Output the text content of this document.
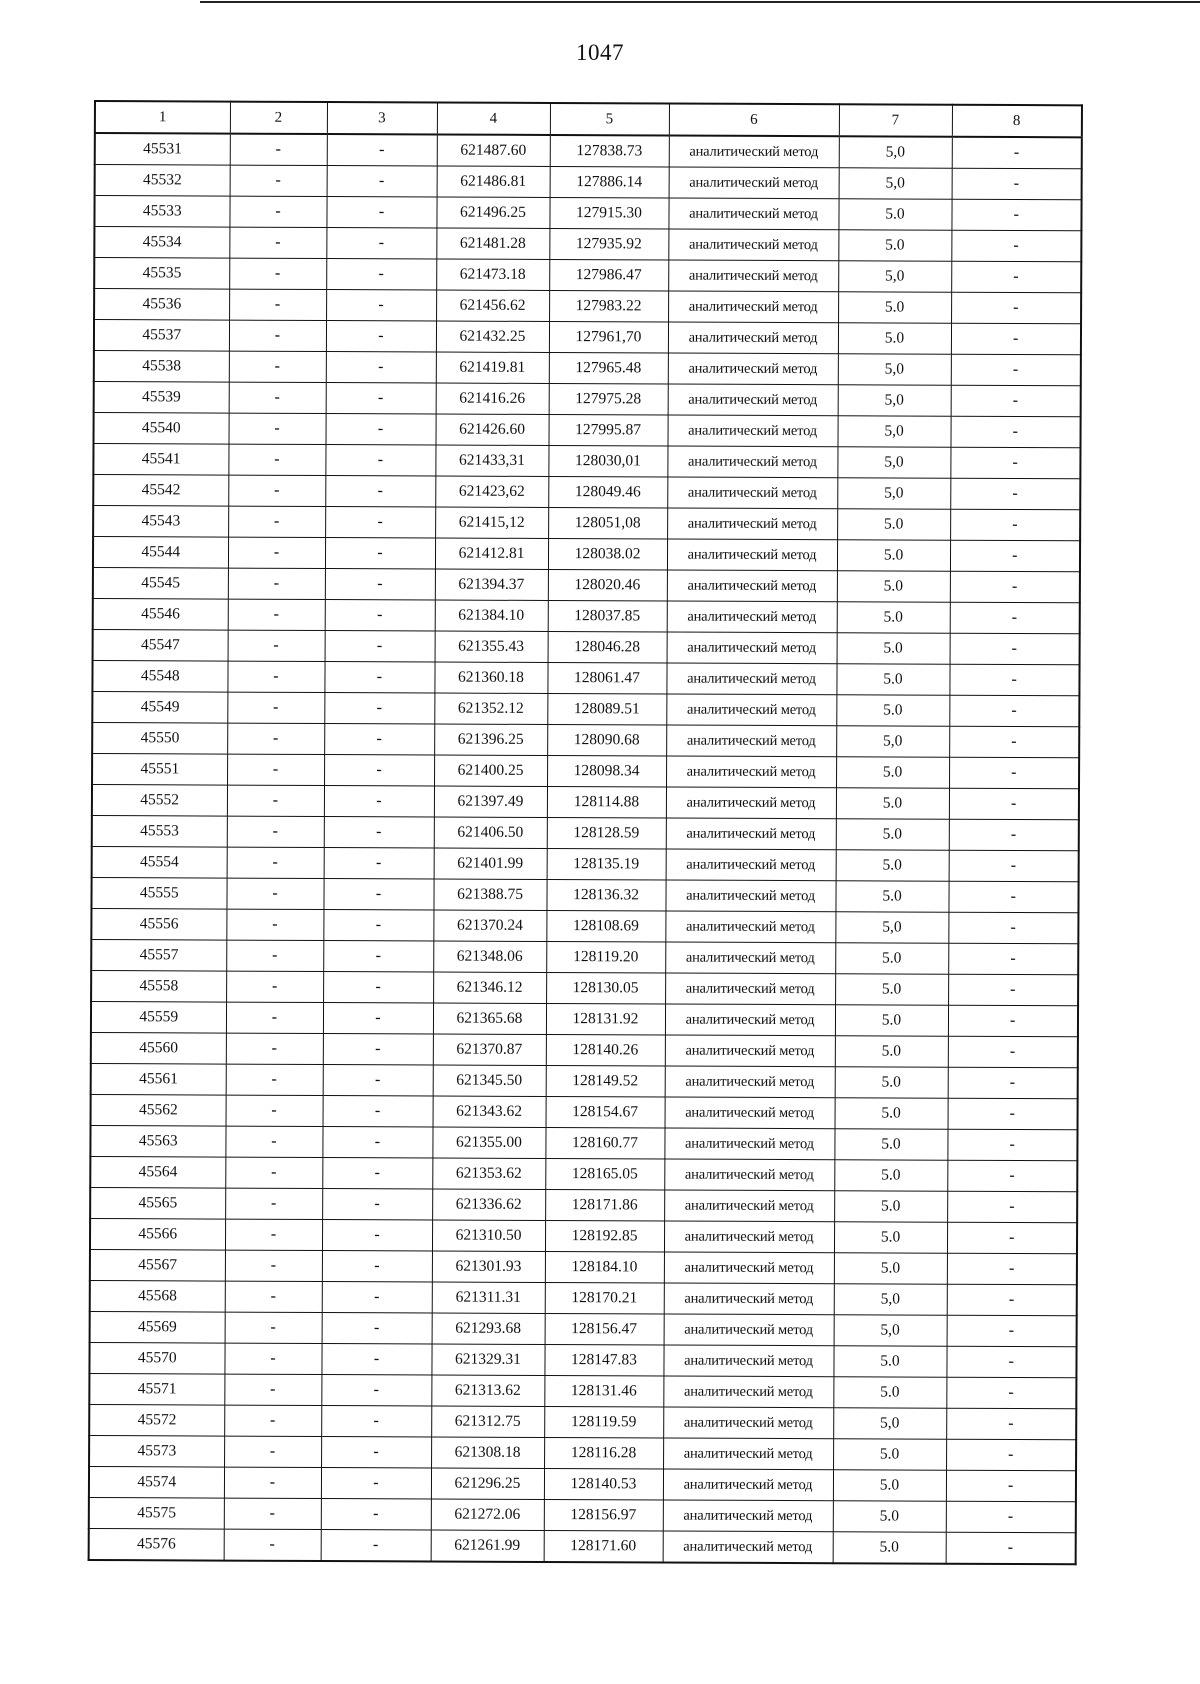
1047
1	2	3	4	5	6	7	8
45531	-	-	621487.60	127838.73	аналитический метод	5,0	-
45532	-	-	621486.81	127886.14	аналитический метод	5,0	-
45533	-	-	621496.25	127915.30	аналитический метод	5.0	-
45534	-	-	621481.28	127935.92	аналитический метод	5.0	-
45535	-	-	621473.18	127986.47	аналитический метод	5,0	-
45536	-	-	621456.62	127983.22	аналитический метод	5.0	-
45537	-	-	621432.25	127961,70	аналитический метод	5.0	-
45538	-	-	621419.81	127965.48	аналитический метод	5,0	-
45539	-	-	621416.26	127975.28	аналитический метод	5,0	-
45540	-	-	621426.60	127995.87	аналитический метод	5,0	-
45541	-	-	621433,31	128030,01	аналитический метод	5,0	-
45542	-	-	621423,62	128049.46	аналитический метод	5,0	-
45543	-	-	621415,12	128051,08	аналитический метод	5.0	-
45544	-	-	621412.81	128038.02	аналитический метод	5.0	-
45545	-	-	621394.37	128020.46	аналитический метод	5.0	-
45546	-	-	621384.10	128037.85	аналитический метод	5.0	-
45547	-	-	621355.43	128046.28	аналитический метод	5.0	-
45548	-	-	621360.18	128061.47	аналитический метод	5.0	-
45549	-	-	621352.12	128089.51	аналитический метод	5.0	-
45550	-	-	621396.25	128090.68	аналитический метод	5,0	-
45551	-	-	621400.25	128098.34	аналитический метод	5.0	-
45552	-	-	621397.49	128114.88	аналитический метод	5.0	-
45553	-	-	621406.50	128128.59	аналитический метод	5.0	-
45554	-	-	621401.99	128135.19	аналитический метод	5.0	-
45555	-	-	621388.75	128136.32	аналитический метод	5.0	-
45556	-	-	621370.24	128108.69	аналитический метод	5,0	-
45557	-	-	621348.06	128119.20	аналитический метод	5.0	-
45558	-	-	621346.12	128130.05	аналитический метод	5.0	-
45559	-	-	621365.68	128131.92	аналитический метод	5.0	-
45560	-	-	621370.87	128140.26	аналитический метод	5.0	-
45561	-	-	621345.50	128149.52	аналитический метод	5.0	-
45562	-	-	621343.62	128154.67	аналитический метод	5.0	-
45563	-	-	621355.00	128160.77	аналитический метод	5.0	-
45564	-	-	621353.62	128165.05	аналитический метод	5.0	-
45565	-	-	621336.62	128171.86	аналитический метод	5.0	-
45566	-	-	621310.50	128192.85	аналитический метод	5.0	-
45567	-	-	621301.93	128184.10	аналитический метод	5.0	-
45568	-	-	621311.31	128170.21	аналитический метод	5,0	-
45569	-	-	621293.68	128156.47	аналитический метод	5,0	-
45570	-	-	621329.31	128147.83	аналитический метод	5.0	-
45571	-	-	621313.62	128131.46	аналитический метод	5.0	-
45572	-	-	621312.75	128119.59	аналитический метод	5,0	-
45573	-	-	621308.18	128116.28	аналитический метод	5.0	-
45574	-	-	621296.25	128140.53	аналитический метод	5.0	-
45575	-	-	621272.06	128156.97	аналитический метод	5.0	-
45576	-	-	621261.99	128171.60	аналитический метод	5.0	-
